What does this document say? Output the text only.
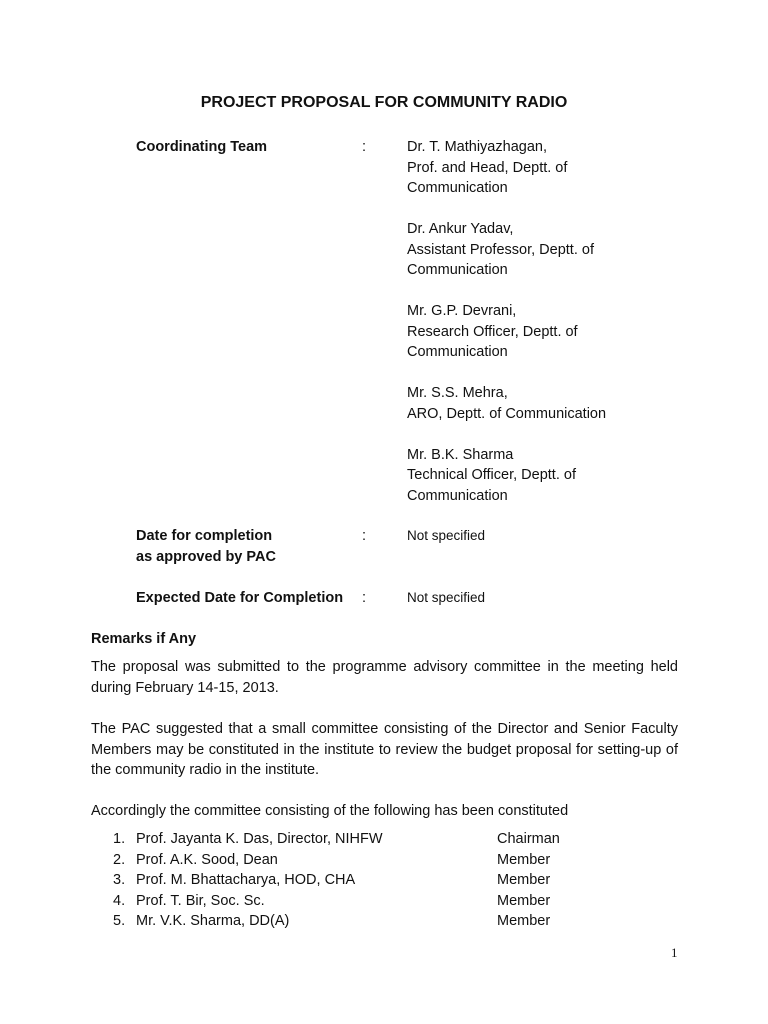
PROJECT PROPOSAL FOR COMMUNITY RADIO
Coordinating Team	:	Dr. T. Mathiyazhagan,
Prof. and Head, Deptt. of
Communication
Dr. Ankur Yadav,
Assistant Professor, Deptt. of
Communication
Mr. G.P. Devrani,
Research Officer, Deptt. of
Communication
Mr. S.S. Mehra,
ARO, Deptt. of Communication
Mr. B.K. Sharma
Technical Officer, Deptt. of
Communication
Date for completion
as approved by PAC
:	Not specified
Expected Date for Completion	:	Not specified
Remarks if Any
The proposal was submitted to the programme advisory committee in the meeting held during February 14-15, 2013.
The PAC suggested that a small committee consisting of the Director and Senior Faculty Members may be constituted in the institute to review the budget proposal for setting-up of the community radio in the institute.
Accordingly the committee consisting of the following has been constituted
1. Prof. Jayanta K. Das, Director, NIHFW	Chairman
2. Prof. A.K. Sood, Dean	Member
3. Prof. M. Bhattacharya, HOD, CHA	Member
4. Prof. T. Bir, Soc. Sc.	Member
5. Mr. V.K. Sharma, DD(A)	Member
1
